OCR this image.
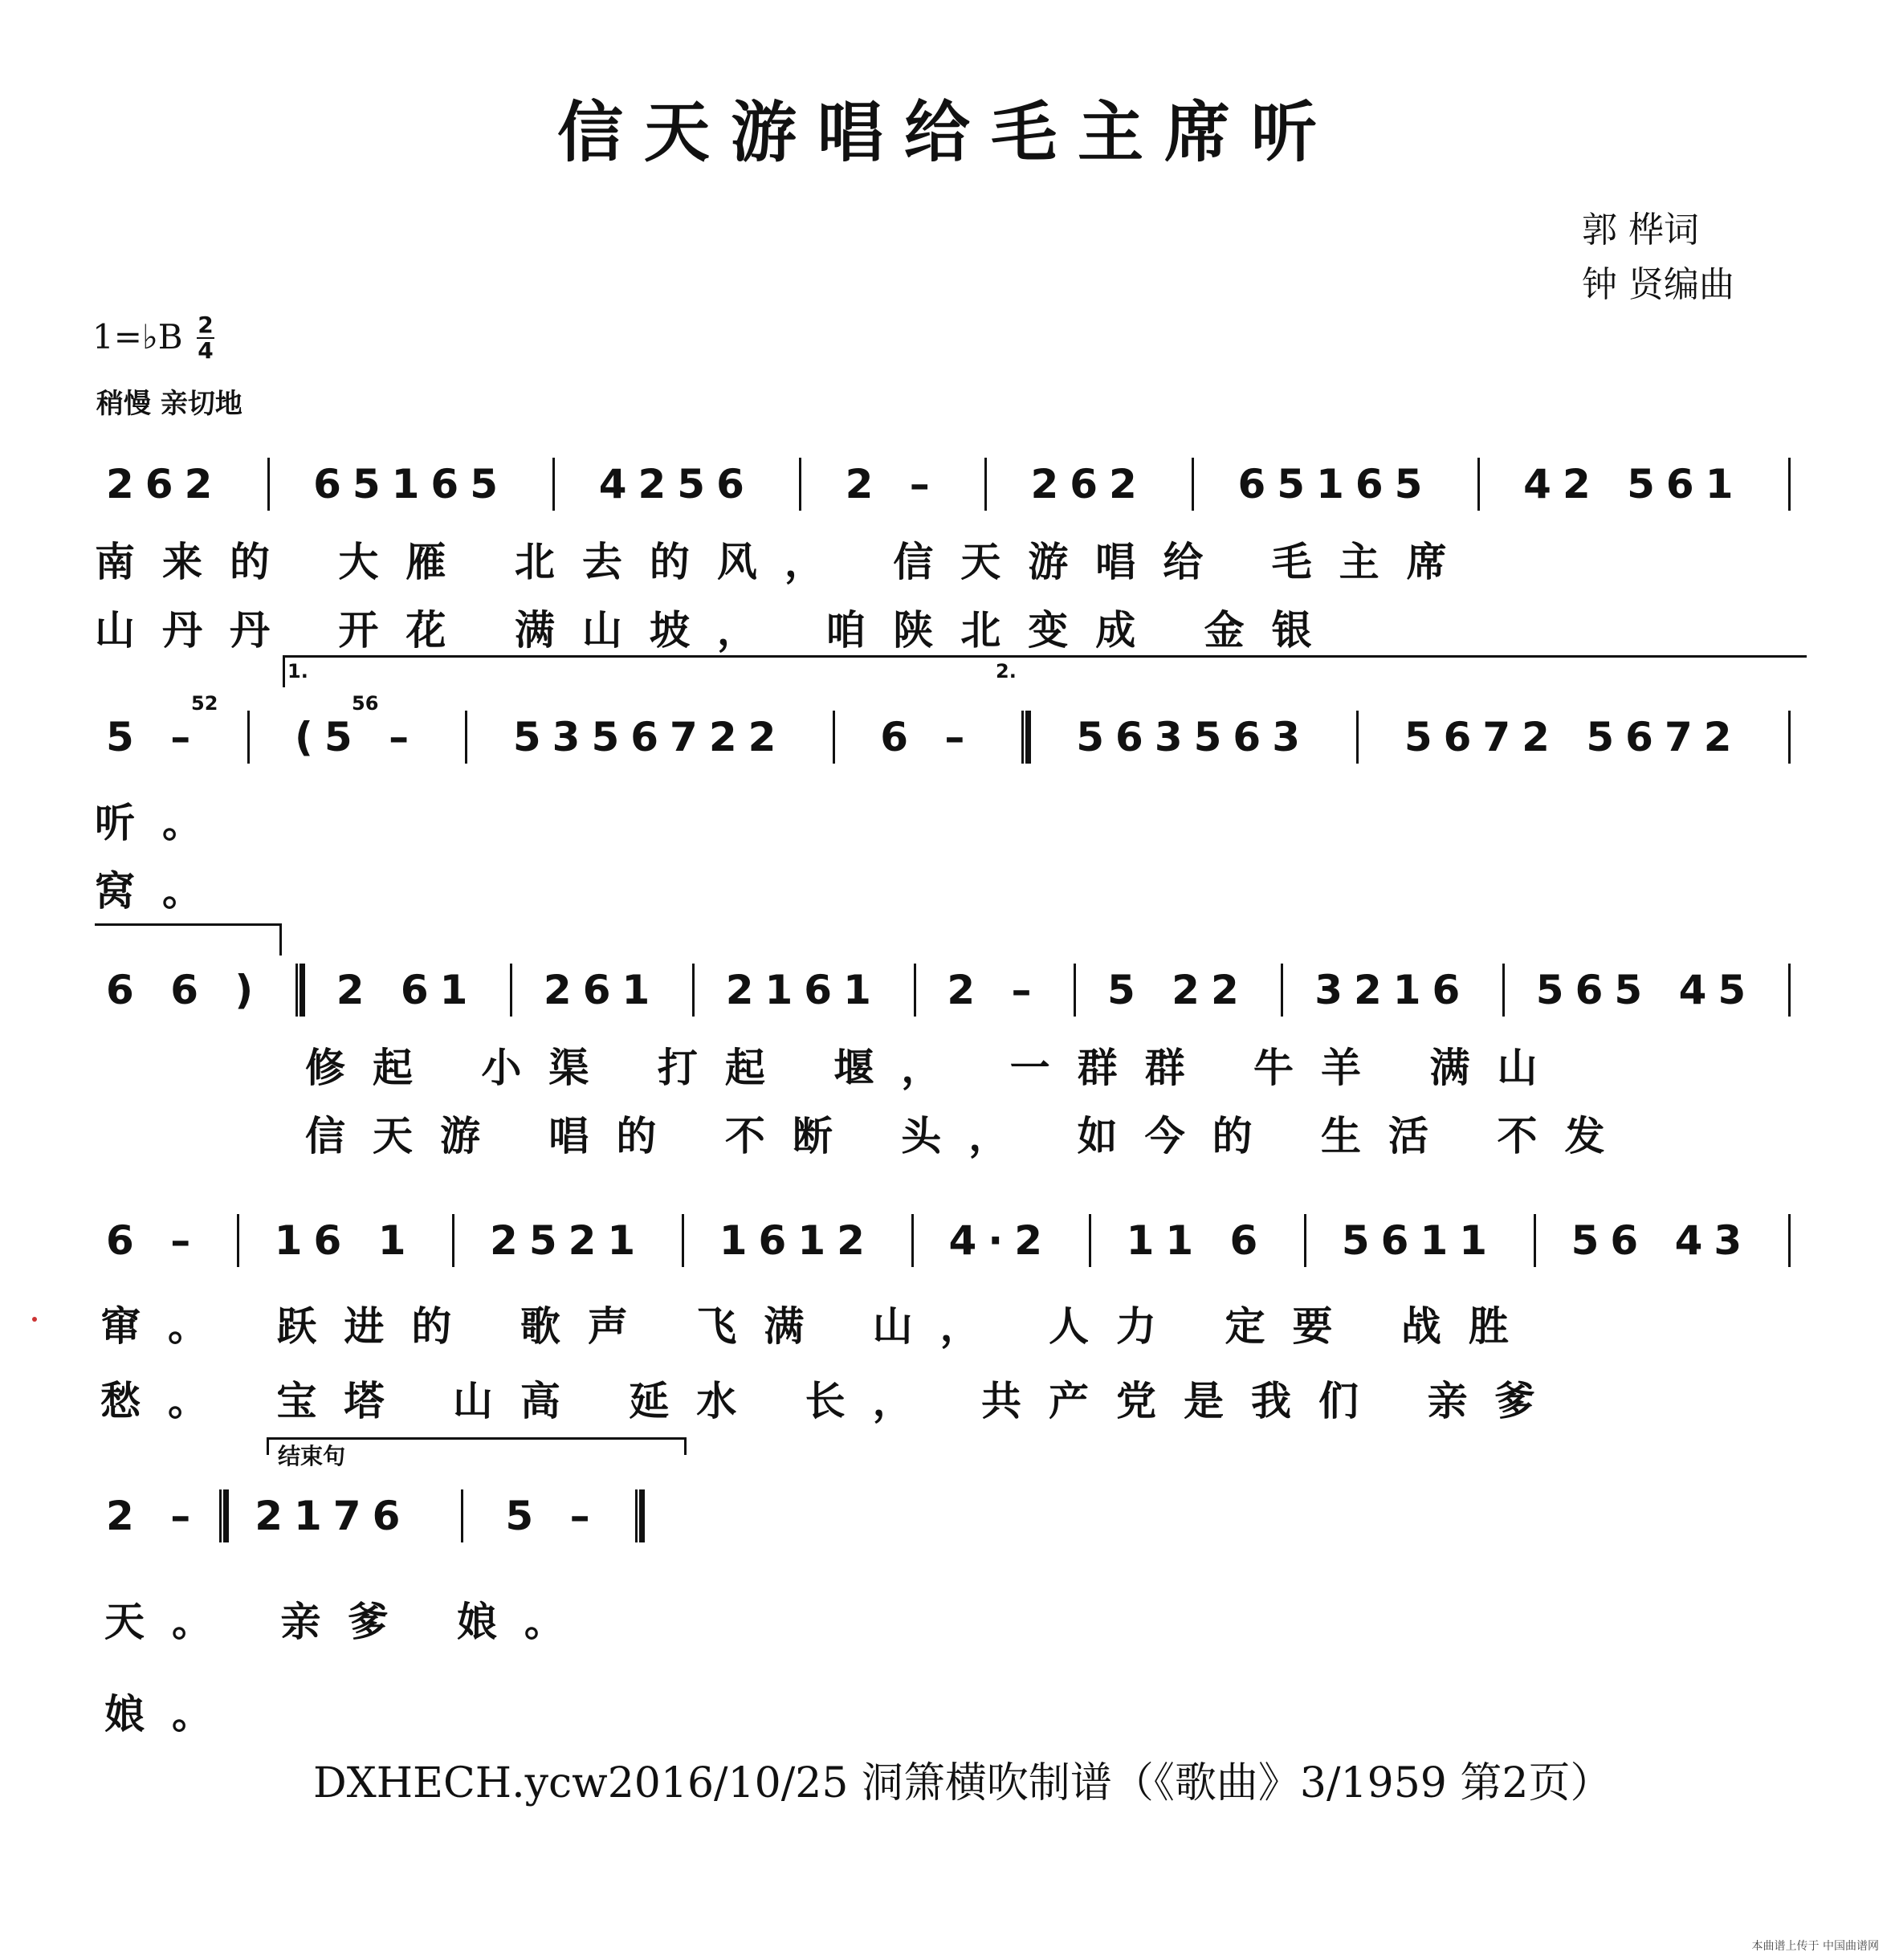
信天游唱给毛主席听
郭 桦词
钟 贤编曲
1=♭B 2
4
稍慢 亲切地
262	65165	4256	2 –	262	65165	42 561
南来的 大雁 北去的风， 信天游唱给 毛主席
山丹丹 开花 满山坡， 咱陕北变成 金银
1.	2.
52	56
5 –	(5 –	5356722	6 –	563563	5672 5672
听。
窝。
6 6 )	2 61	261	2161	2 –	5 22	3216	565 45
修起 小渠 打起 堰， 一群群 牛羊 满山
信天游 唱的 不断 头， 如今的 生活 不发
6 –	16 1	2521	1612	4·2	11 6	5611	56 43
窜。 跃进的 歌声 飞满 山， 人力 定要 战胜
愁。 宝塔 山高 延水 长， 共产党是我们 亲爹
结束句
2 –	2176	5 –
天。 亲爹 娘。
娘。
DXHECH.ycw2016/10/25 洞箫横吹制谱（《歌曲》3/1959 第2页）
本曲谱上传于 中国曲谱网
